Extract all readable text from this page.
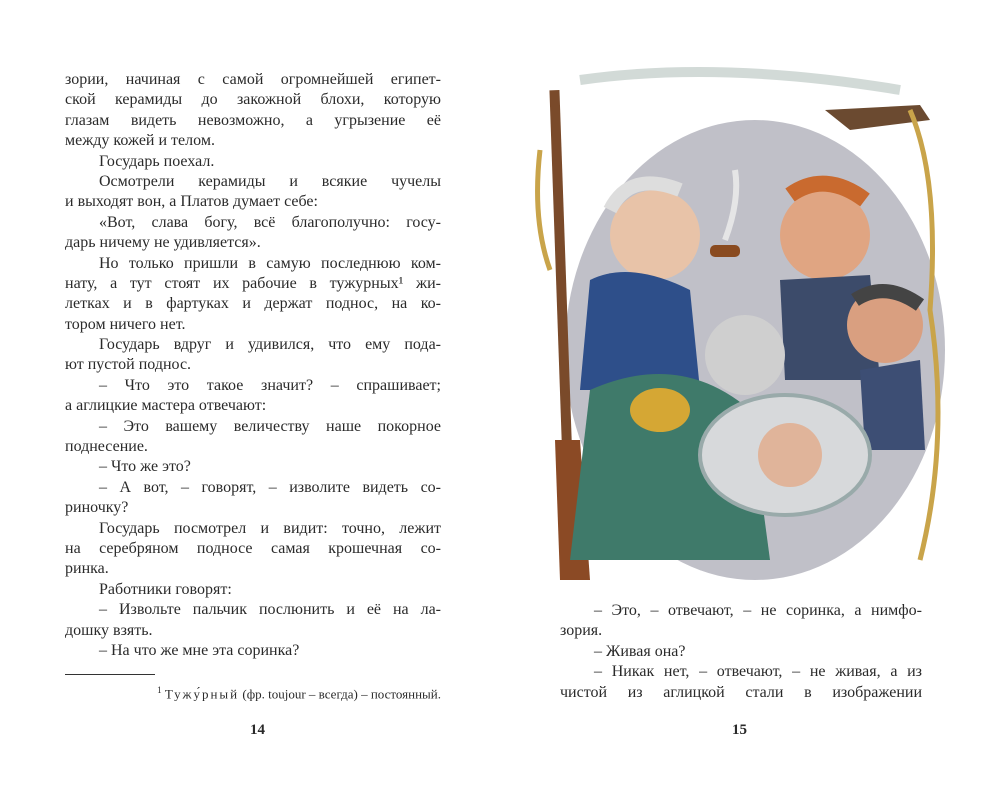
зории, начиная с самой огромнейшей египет-
ской керамиды до закожной блохи, которую
глазам видеть невозможно, а угрызение её
между кожей и телом.
Государь поехал.
Осмотрели керамиды и всякие чучелы
и выходят вон, а Платов думает себе:
«Вот, слава богу, всё благополучно: госу-
дарь ничему не удивляется».
Но только пришли в самую последнюю ком-
нату, а тут стоят их рабочие в тужурных¹ жи-
летках и в фартуках и держат поднос, на ко-
тором ничего нет.
Государь вдруг и удивился, что ему пода-
ют пустой поднос.
– Что это такое значит? – спрашивает;
а аглицкие мастера отвечают:
– Это вашему величеству наше покорное
поднесение.
– Что же это?
– А вот, – говорят, – изволите видеть со-
риночку?
Государь посмотрел и видит: точно, лежит
на серебряном подносе самая крошечная со-
ринка.
Работники говорят:
– Извольте пальчик послюнить и её на ла-
дошку взять.
– На что же мне эта соринка?
$^1$ Тужу́рный (фр. toujour – всегда) – постоянный.
14
– Это, – отвечают, – не соринка, а нимфо-
зория.
– Живая она?
– Никак нет, – отвечают, – не живая, а из
чистой из аглицкой стали в изображении
15
